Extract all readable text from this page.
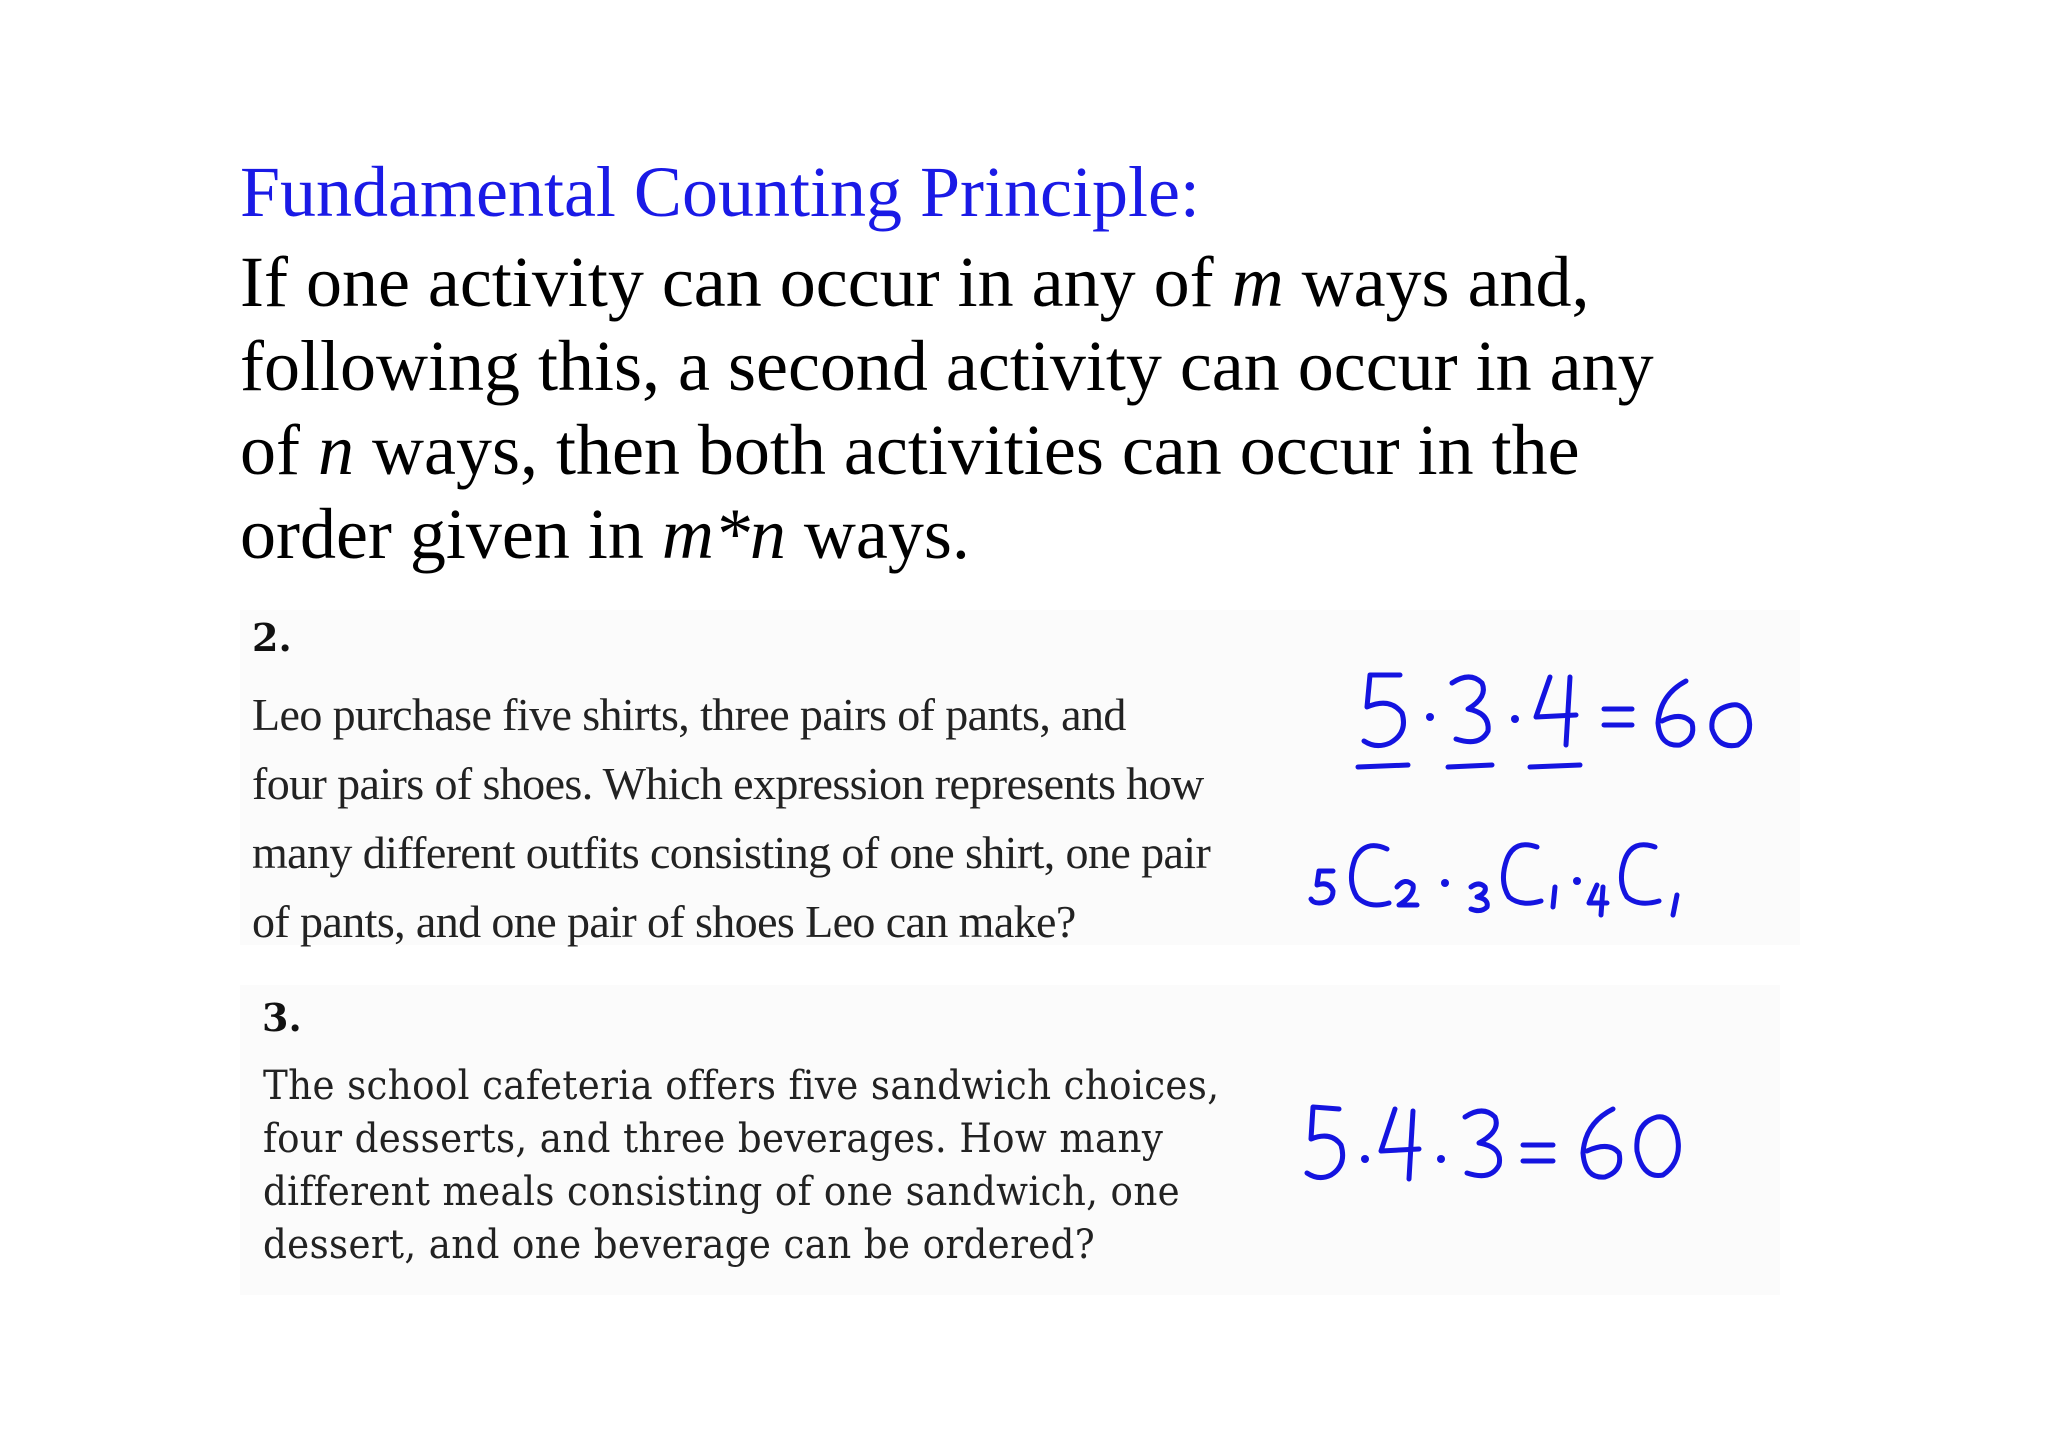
Fundamental Counting Principle:
If one activity can occur in any of m ways and,
following this, a second activity can occur in any
of n ways, then both activities can occur in the
order given in m*n ways.
2.
Leo purchase five shirts, three pairs of pants, and
four pairs of shoes. Which expression represents how
many different outfits consisting of one shirt, one pair
of pants, and one pair of shoes Leo can make?
3.
The school cafeteria offers five sandwich choices,
four desserts, and three beverages. How many
different meals consisting of one sandwich, one
dessert, and one beverage can be ordered?
